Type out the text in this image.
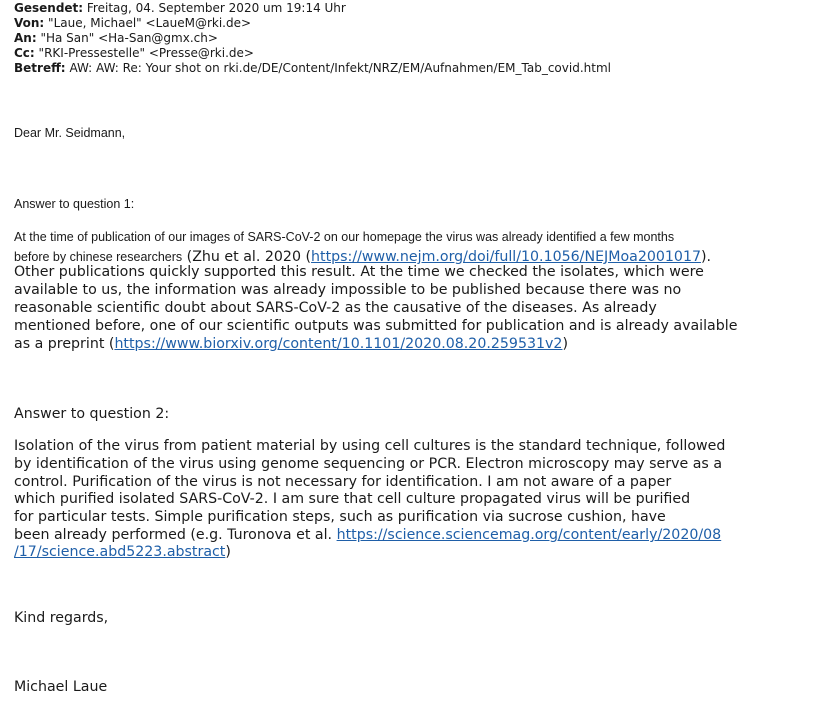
Gesendet: Freitag, 04. September 2020 um 19:14 Uhr
Von: "Laue, Michael" <LaueM@rki.de>
An: "Ha San" <Ha-San@gmx.ch>
Cc: "RKI-Pressestelle" <Presse@rki.de>
Betreff: AW: AW: Re: Your shot on rki.de/DE/Content/Infekt/NRZ/EM/Aufnahmen/EM_Tab_covid.html
Dear Mr. Seidmann,
Answer to question 1:
At the time of publication of our images of SARS-CoV-2 on our homepage the virus was already identified a few months
before by chinese researchers (Zhu et al. 2020 (https://www.nejm.org/doi/full/10.1056/NEJMoa2001017).
Other publications quickly supported this result. At the time we checked the isolates, which were
available to us, the information was already impossible to be published because there was no
reasonable scientific doubt about SARS-CoV-2 as the causative of the diseases. As already
mentioned before, one of our scientific outputs was submitted for publication and is already available
as a preprint (https://www.biorxiv.org/content/10.1101/2020.08.20.259531v2)
Answer to question 2:
Isolation of the virus from patient material by using cell cultures is the standard technique, followed
by identification of the virus using genome sequencing or PCR. Electron microscopy may serve as a
control. Purification of the virus is not necessary for identification. I am not aware of a paper
which purified isolated SARS-CoV-2. I am sure that cell culture propagated virus will be purified
for particular tests. Simple purification steps, such as purification via sucrose cushion, have
been already performed (e.g. Turonova et al. https://science.sciencemag.org/content/early/2020/08
/17/science.abd5223.abstract)
Kind regards,
Michael Laue
